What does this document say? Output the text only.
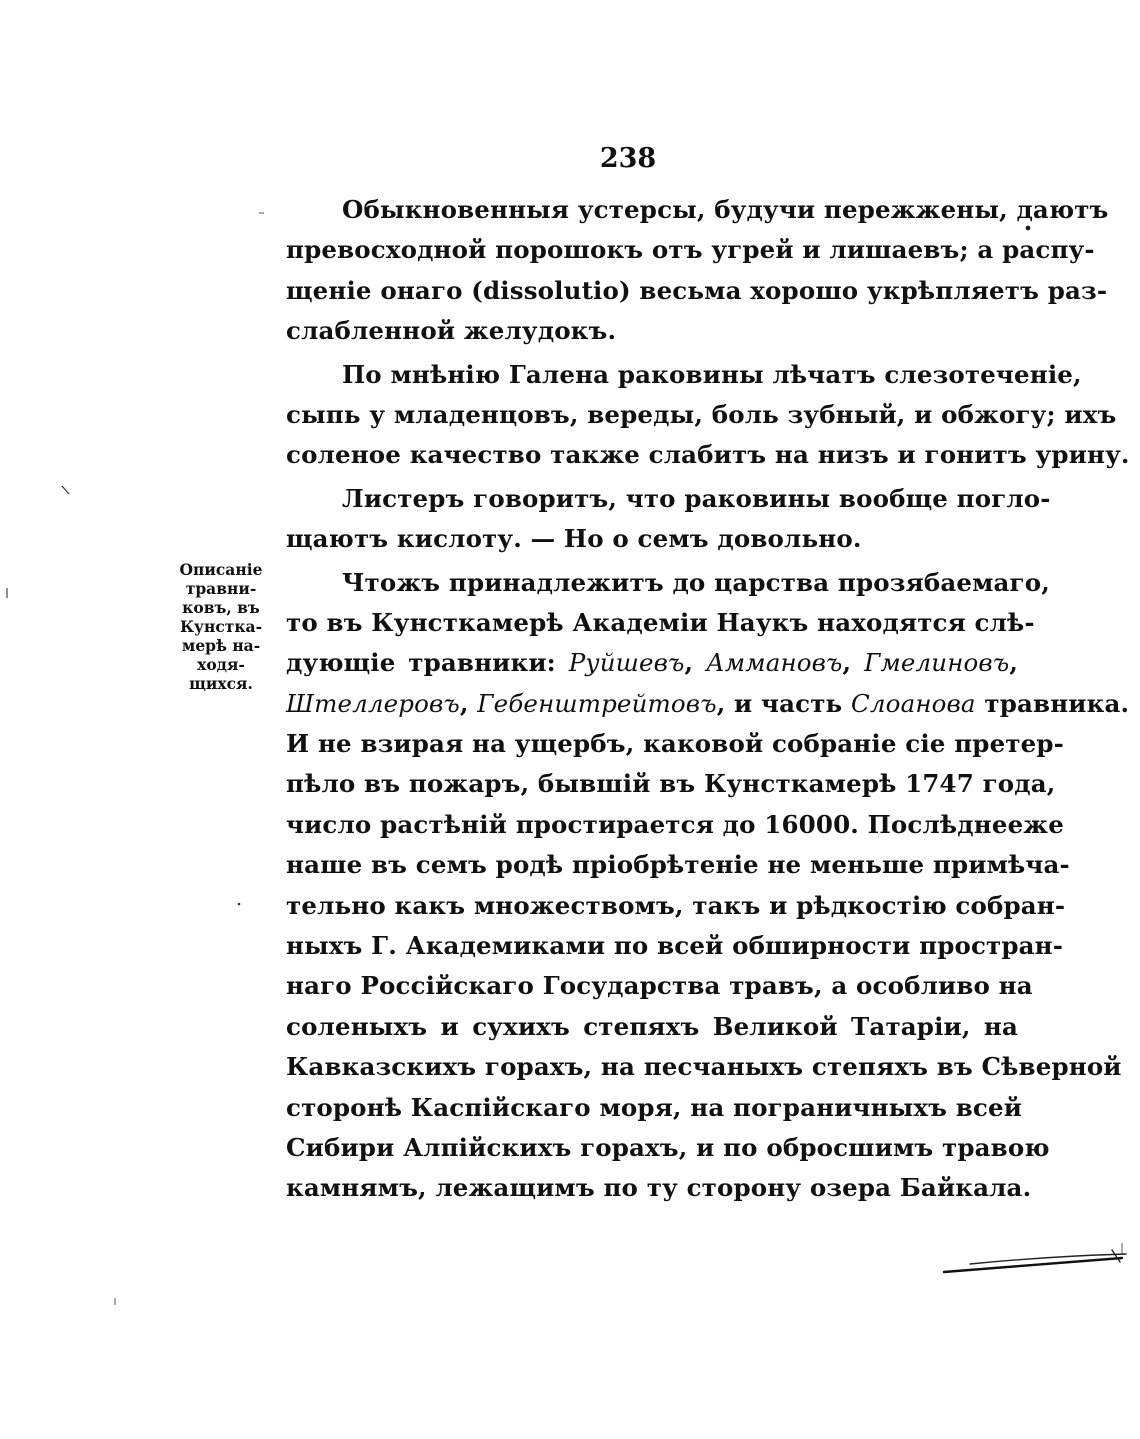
238
Описаніе
травни-
ковъ, въ
Кунсткa-
мерѣ на-
ходя-
щихся.
Обыкновенныя устерсы, будучи пережжены, даютъ
превосходной порошокъ отъ угрей и лишаевъ; а распу-
щеніе онаго (dissolutio) весьма хорошо укрѣпляетъ раз-
слабленной желудокъ.
По мнѣнію Галена раковины лѣчатъ слезотеченіе,
сыпь у младенцовъ, вереды, боль зубный, и обжогу; ихъ
соленое качество также слабитъ на низъ и гонитъ урину.
Листеръ говоритъ, что раковины вообще погло-
щаютъ кислоту. — Но о семъ довольно.
Чтожъ принадлежитъ до царства прозябаемаго,
то въ Кунсткамерѣ Академіи Наукъ находятся слѣ-
дующіе травники: Руйшевъ, Аммановъ, Гмелиновъ,
Штеллеровъ, Гебенштрейтовъ, и часть Слоанова травника.
И не взирая на ущербъ, каковой собраніе сіе претер-
пѣло въ пожаръ, бывшій въ Кунсткамерѣ 1747 года,
число растѣній простирается до 16000. Послѣднееже
наше въ семъ родѣ пріобрѣтеніе не меньше примѣча-
тельно какъ множествомъ, такъ и рѣдкостію собран-
ныхъ Г. Академиками по всей обширности простран-
наго Россійскаго Государства травъ, а особливо на
соленыхъ и сухихъ степяхъ Великой Татаріи, на
Кавказскихъ горахъ, на песчаныхъ степяхъ въ Сѣверной
сторонѣ Каспійскаго моря, на пограничныхъ всей
Сибири Алпійскихъ горахъ, и по обросшимъ травою
камнямъ, лежащимъ по ту сторону озера Байкала.
